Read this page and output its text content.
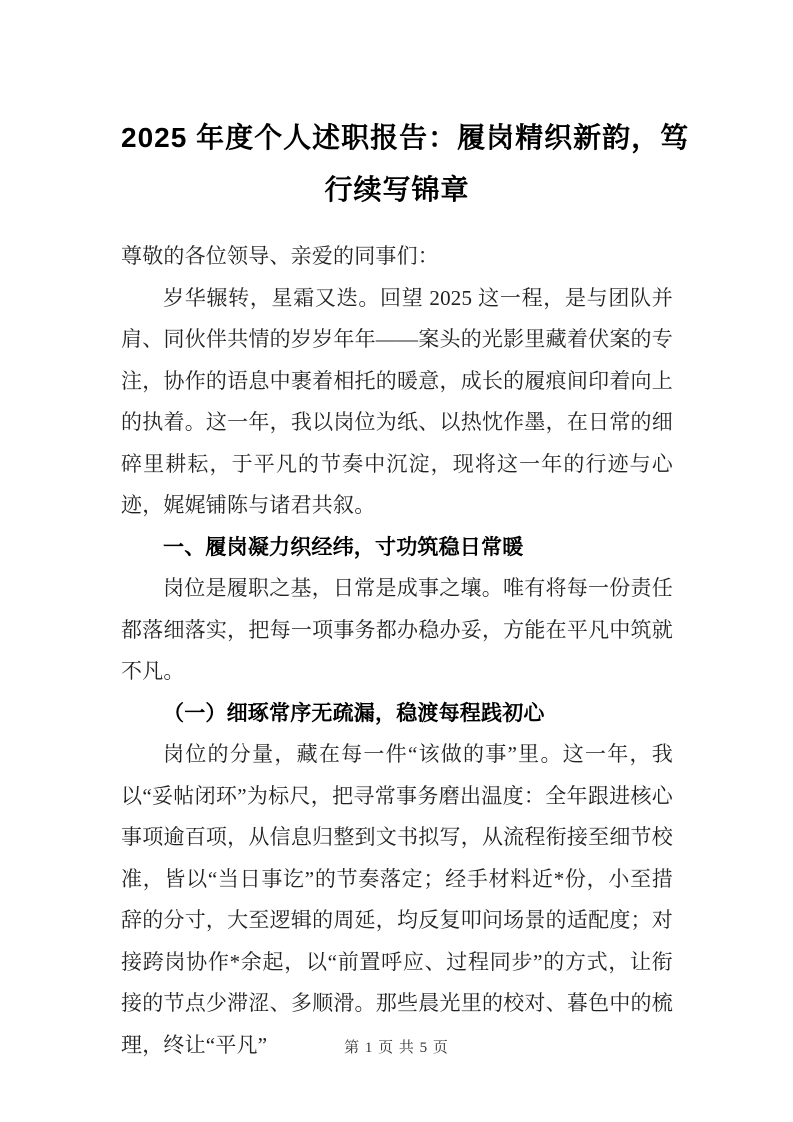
2025 年度个人述职报告：履岗精织新韵，笃
行续写锦章

尊敬的各位领导、亲爱的同事们：

岁华辗转，星霜又迭。回望 2025 这一程，是与团队并肩、同伙伴共情的岁岁年年——案头的光影里藏着伏案的专注，协作的语息中裹着相托的暖意，成长的履痕间印着向上的执着。这一年，我以岗位为纸、以热忱作墨，在日常的细碎里耕耘，于平凡的节奏中沉淀，现将这一年的行迹与心迹，娓娓铺陈与诸君共叙。

一、履岗凝力织经纬，寸功筑稳日常暖

岗位是履职之基，日常是成事之壤。唯有将每一份责任都落细落实，把每一项事务都办稳办妥，方能在平凡中筑就不凡。

（一）细琢常序无疏漏，稳渡每程践初心

岗位的分量，藏在每一件“该做的事”里。这一年，我以“妥帖闭环”为标尺，把寻常事务磨出温度：全年跟进核心事项逾百项，从信息归整到文书拟写，从流程衔接至细节校准，皆以“当日事讫”的节奏落定；经手材料近*份，小至措辞的分寸，大至逻辑的周延，均反复叩问场景的适配度；对接跨岗协作*余起，以“前置呼应、过程同步”的方式，让衔接的节点少滞涩、多顺滑。那些晨光里的校对、暮色中的梳理，终让“平凡”	第 1 页 共 5 页
